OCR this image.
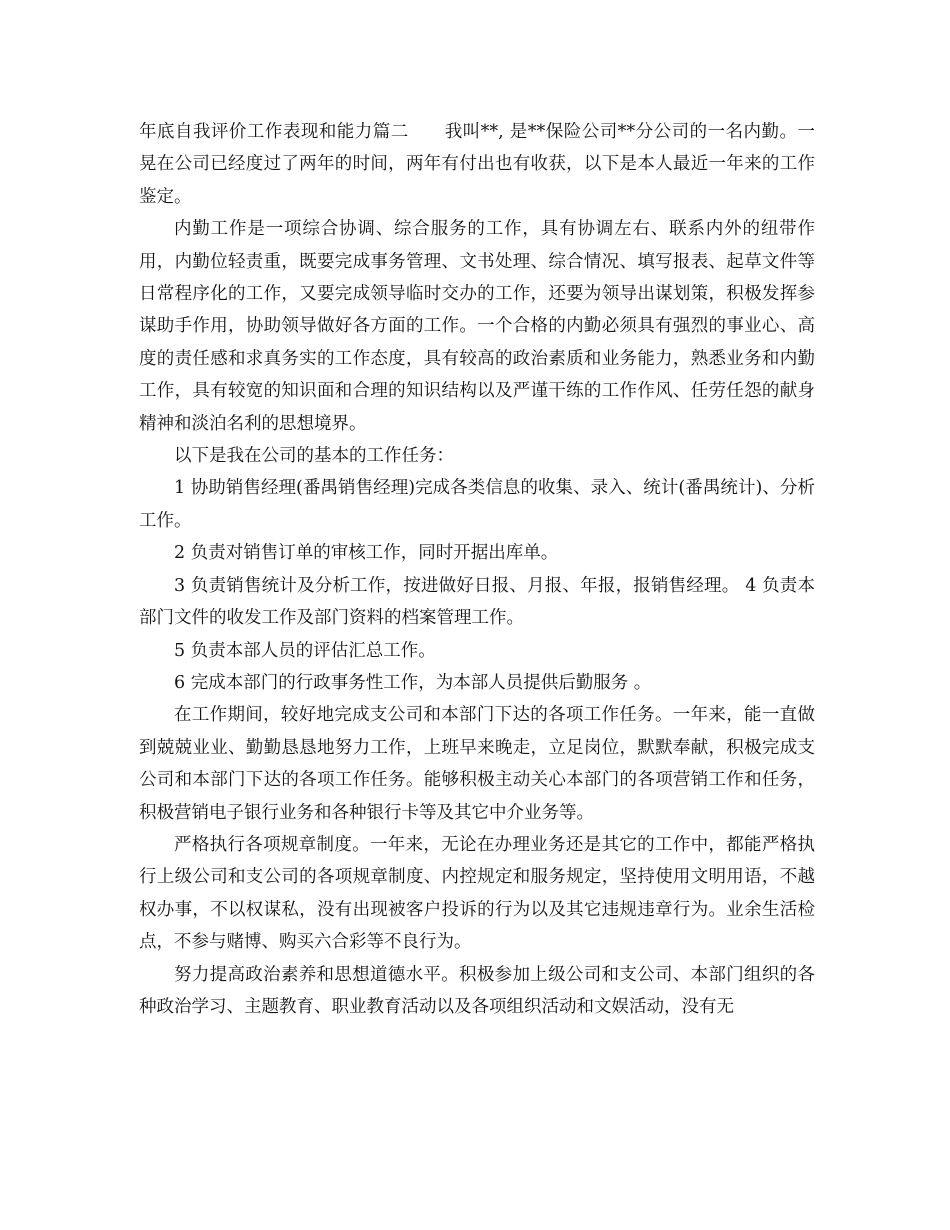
年底自我评价工作表现和能力篇二　　我叫**, 是**保险公司**分公司的一名内勤。一晃在公司已经度过了两年的时间，两年有付出也有收获，以下是本人最近一年来的工作鉴定。

内勤工作是一项综合协调、综合服务的工作，具有协调左右、联系内外的纽带作用，内勤位轻责重，既要完成事务管理、文书处理、综合情况、填写报表、起草文件等日常程序化的工作，又要完成领导临时交办的工作，还要为领导出谋划策，积极发挥参谋助手作用，协助领导做好各方面的工作。一个合格的内勤必须具有强烈的事业心、高度的责任感和求真务实的工作态度，具有较高的政治素质和业务能力，熟悉业务和内勤工作，具有较宽的知识面和合理的知识结构以及严谨干练的工作作风、任劳任怨的献身精神和淡泊名利的思想境界。

以下是我在公司的基本的工作任务：

1 协助销售经理(番禺销售经理)完成各类信息的收集、录入、统计(番禺统计)、分析工作。

2 负责对销售订单的审核工作，同时开据出库单。

3 负责销售统计及分析工作，按进做好日报、月报、年报，报销售经理。 4 负责本部门文件的收发工作及部门资料的档案管理工作。

5 负责本部人员的评估汇总工作。

6 完成本部门的行政事务性工作，为本部人员提供后勤服务 。

在工作期间，较好地完成支公司和本部门下达的各项工作任务。一年来，能一直做到兢兢业业、勤勤恳恳地努力工作，上班早来晚走，立足岗位，默默奉献，积极完成支公司和本部门下达的各项工作任务。能够积极主动关心本部门的各项营销工作和任务，积极营销电子银行业务和各种银行卡等及其它中介业务等。

严格执行各项规章制度。一年来，无论在办理业务还是其它的工作中，都能严格执行上级公司和支公司的各项规章制度、内控规定和服务规定，坚持使用文明用语，不越权办事，不以权谋私，没有出现被客户投诉的行为以及其它违规违章行为。业余生活检点，不参与赌博、购买六合彩等不良行为。

努力提高政治素养和思想道德水平。积极参加上级公司和支公司、本部门组织的各种政治学习、主题教育、职业教育活动以及各项组织活动和文娱活动，没有无
